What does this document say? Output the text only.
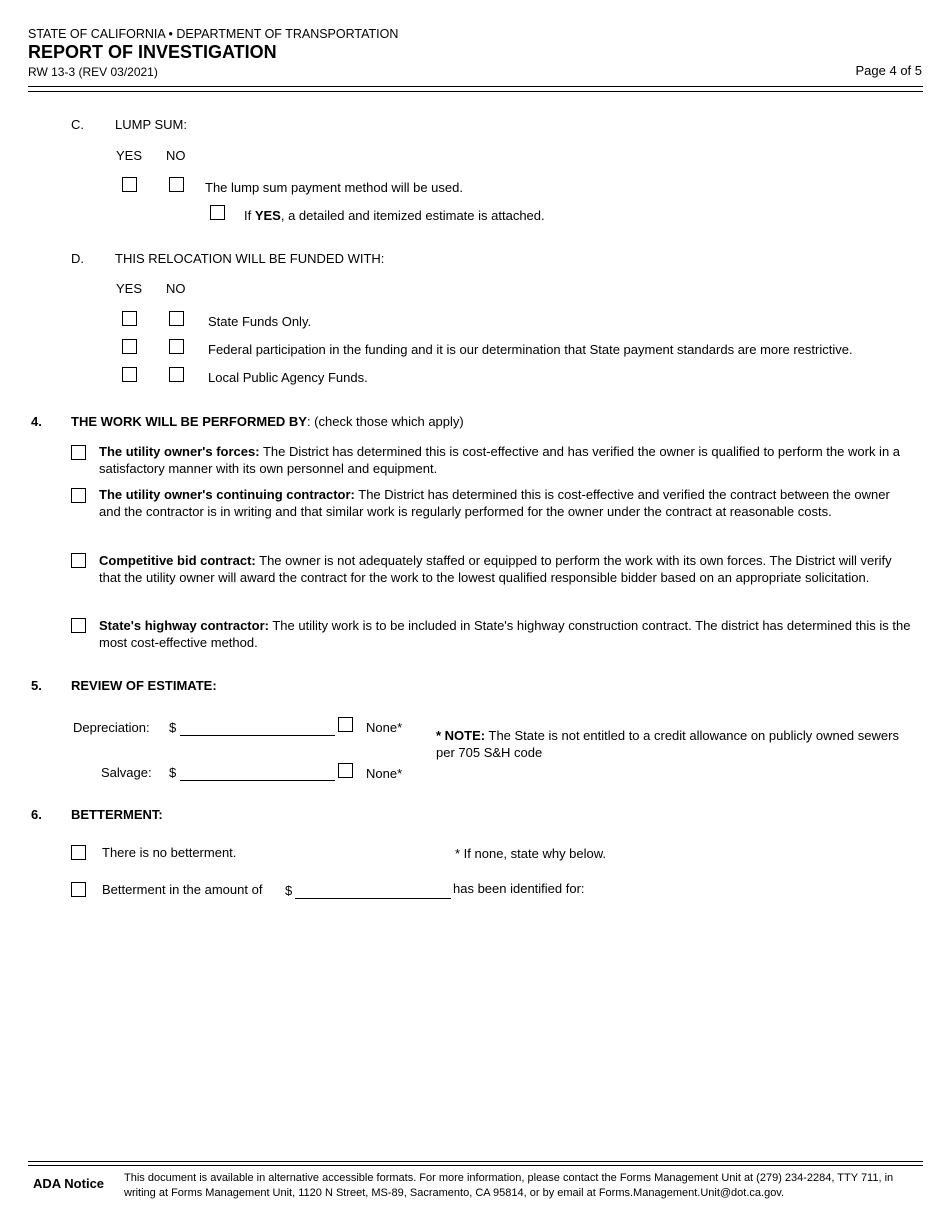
STATE OF CALIFORNIA • DEPARTMENT OF TRANSPORTATION
REPORT OF INVESTIGATION
RW 13-3 (REV 03/2021)	Page 4 of 5
C. LUMP SUM:
YES NO
The lump sum payment method will be used.
If YES, a detailed and itemized estimate is attached.
D. THIS RELOCATION WILL BE FUNDED WITH:
YES NO
State Funds Only.
Federal participation in the funding and it is our determination that State payment standards are more restrictive.
Local Public Agency Funds.
4. THE WORK WILL BE PERFORMED BY: (check those which apply)
The utility owner's forces: The District has determined this is cost-effective and has verified the owner is qualified to perform the work in a satisfactory manner with its own personnel and equipment.
The utility owner's continuing contractor: The District has determined this is cost-effective and verified the contract between the owner and the contractor is in writing and that similar work is regularly performed for the owner under the contract at reasonable costs.
Competitive bid contract: The owner is not adequately staffed or equipped to perform the work with its own forces. The District will verify that the utility owner will award the contract for the work to the lowest qualified responsible bidder based on an appropriate solicitation.
State's highway contractor: The utility work is to be included in State's highway construction contract. The district has determined this is the most cost-effective method.
5. REVIEW OF ESTIMATE:
Depreciation: $	None*
Salvage: $	None*
* NOTE: The State is not entitled to a credit allowance on publicly owned sewers per 705 S&H code
6. BETTERMENT:
There is no betterment.	* If none, state why below.
Betterment in the amount of $	has been identified for:
ADA Notice This document is available in alternative accessible formats. For more information, please contact the Forms Management Unit at (279) 234-2284, TTY 711, in writing at Forms Management Unit, 1120 N Street, MS-89, Sacramento, CA 95814, or by email at Forms.Management.Unit@dot.ca.gov.
